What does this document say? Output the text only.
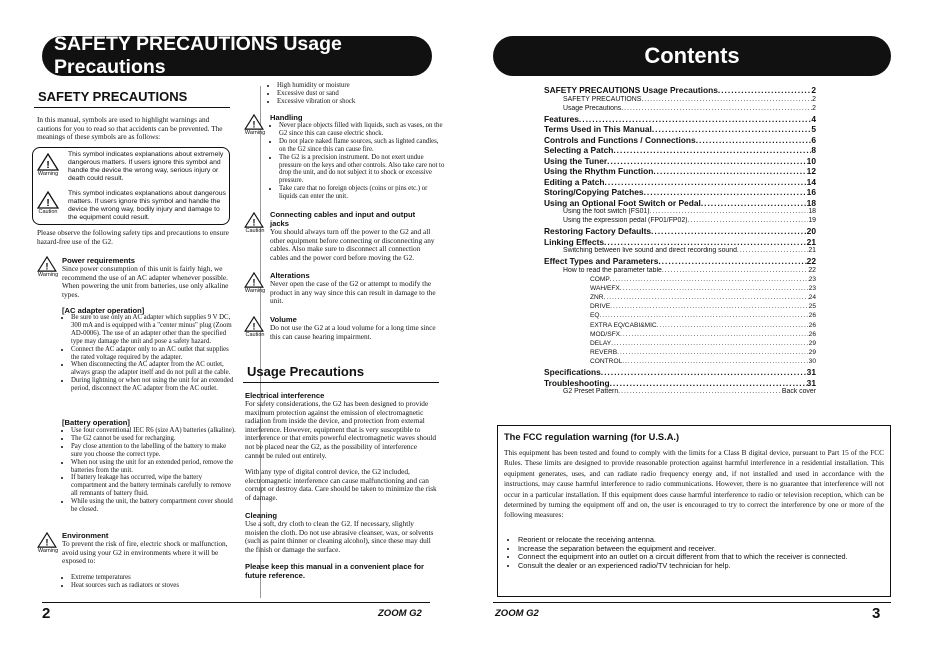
SAFETY PRECAUTIONS Usage Precautions
SAFETY PRECAUTIONS
In this manual, symbols are used to highlight warnings and cautions for you to read so that accidents can be prevented. The meanings of these symbols are as follows:
!
Warning
This symbol indicates explanations about extremely dangerous matters. If users ignore this symbol and handle the device the wrong way, serious injury or death could result.
!
Caution
This symbol indicates explanations about dangerous matters. If users ignore this symbol and handle the device the wrong way, bodily injury and damage to the equipment could result.
Please observe the following safety tips and precautions to ensure hazard-free use of the G2.
!
Warning
Power requirements
Since power consumption of this unit is fairly high, we recommend the use of an AC adapter whenever possible. When powering the unit from batteries, use only alkaline types.
[AC adapter operation]
• Be sure to use only an AC adapter which supplies 9 V DC, 300 mA and is equipped with a "center minus" plug (Zoom AD-0006). The use of an adapter other than the specified type may damage the unit and pose a safety hazard.
• Connect the AC adapter only to an AC outlet that supplies the rated voltage required by the adapter.
• When disconnecting the AC adapter from the AC outlet, always grasp the adapter itself and do not pull at the cable.
• During lightning or when not using the unit for an extended period, disconnect the AC adapter from the AC outlet.
[Battery operation]
• Use four conventional IEC R6 (size AA) batteries (alkaline).
• The G2 cannot be used for recharging.
• Pay close attention to the labelling of the battery to make sure you choose the correct type.
• When not using the unit for an extended period, remove the batteries from the unit.
• If battery leakage has occurred, wipe the battery compartment and the battery terminals carefully to remove all remnants of battery fluid.
• While using the unit, the battery compartment cover should be closed.
!
Warning
Environment
To prevent the risk of fire, electric shock or malfunction, avoid using your G2 in environments where it will be exposed to:
• Extreme temperatures
• Heat sources such as radiators or stoves
• High humidity or moisture
• Excessive dust or sand
• Excessive vibration or shock
!
Warning
Handling
• Never place objects filled with liquids, such as vases, on the G2 since this can cause electric shock.
• Do not place naked flame sources, such as lighted candles, on the G2 since this can cause fire.
• The G2 is a precision instrument. Do not exert undue pressure on the keys and other controls. Also take care not to drop the unit, and do not subject it to shock or excessive pressure.
• Take care that no foreign objects (coins or pins etc.) or liquids can enter the unit.
!
Caution
Connecting cables and input and output jacks
You should always turn off the power to the G2 and all other equipment before connecting or disconnecting any cables. Also make sure to disconnect all connection cables and the power cord before moving the G2.
!
Warning
Alterations
Never open the case of the G2 or attempt to modify the product in any way since this can result in damage to the unit.
!
Caution
Volume
Do not use the G2 at a loud volume for a long time since this can cause hearing impairment.
Usage Precautions
Electrical interference
For safety considerations, the G2 has been designed to provide maximum protection against the emission of electromagnetic radiation from inside the device, and protection from external interference. However, equipment that is very susceptible to interference or that emits powerful electromagnetic waves should not be placed near the G2, as the possibility of interference cannot be ruled out entirely.
With any type of digital control device, the G2 included, electromagnetic interference can cause malfunctioning and can corrupt or destroy data. Care should be taken to minimize the risk of damage.
Cleaning
Use a soft, dry cloth to clean the G2. If necessary, slightly moisten the cloth. Do not use abrasive cleanser, wax, or solvents (such as paint thinner or cleaning alcohol), since these may dull the finish or damage the surface.
Please keep this manual in a convenient place for future reference.
2	ZOOM G2
Contents
SAFETY PRECAUTIONS Usage Precautions .....	2
SAFETY PRECAUTIONS .....	2
Usage Precautions .....	2
Features .....	4
Terms Used in This Manual .....	5
Controls and Functions / Connections .....	6
Selecting a Patch .....	8
Using the Tuner .....	10
Using the Rhythm Function .....	12
Editing a Patch .....	14
Storing/Copying Patches .....	16
Using an Optional Foot Switch or Pedal .....	18
Using the foot switch (FS01) .....	18
Using the expression pedal (FP01/FP02) .....	19
Restoring Factory Defaults .....	20
Linking Effects .....	21
Switching between live sound and direct recording sound .....	21
Effect Types and Parameters .....	22
How to read the parameter table .....	22
COMP .....	23
WAH/EFX .....	23
ZNR .....	24
DRIVE .....	25
EQ .....	26
EXTRA EQ/CABI&MIC .....	26
MOD/SFX .....	26
DELAY .....	29
REVERB .....	29
CONTROL .....	30
Specifications .....	31
Troubleshooting .....	31
G2 Preset Pattern .....	Back cover
The FCC regulation warning (for U.S.A.)
This equipment has been tested and found to comply with the limits for a Class B digital device, pursuant to Part 15 of the FCC Rules. These limits are designed to provide reasonable protection against harmful interference in a residential installation. This equipment generates, uses, and can radiate radio frequency energy and, if not installed and used in accordance with the instructions, may cause harmful interference to radio communications. However, there is no guarantee that interference will not occur in a particular installation. If this equipment does cause harmful interference to radio or television reception, which can be determined by turning the equipment off and on, the user is encouraged to try to correct the interference by one or more of the following measures:
• Reorient or relocate the receiving antenna.
• Increase the separation between the equipment and receiver.
• Connect the equipment into an outlet on a circuit different from that to which the receiver is connected.
• Consult the dealer or an experienced radio/TV technician for help.
ZOOM G2	3
